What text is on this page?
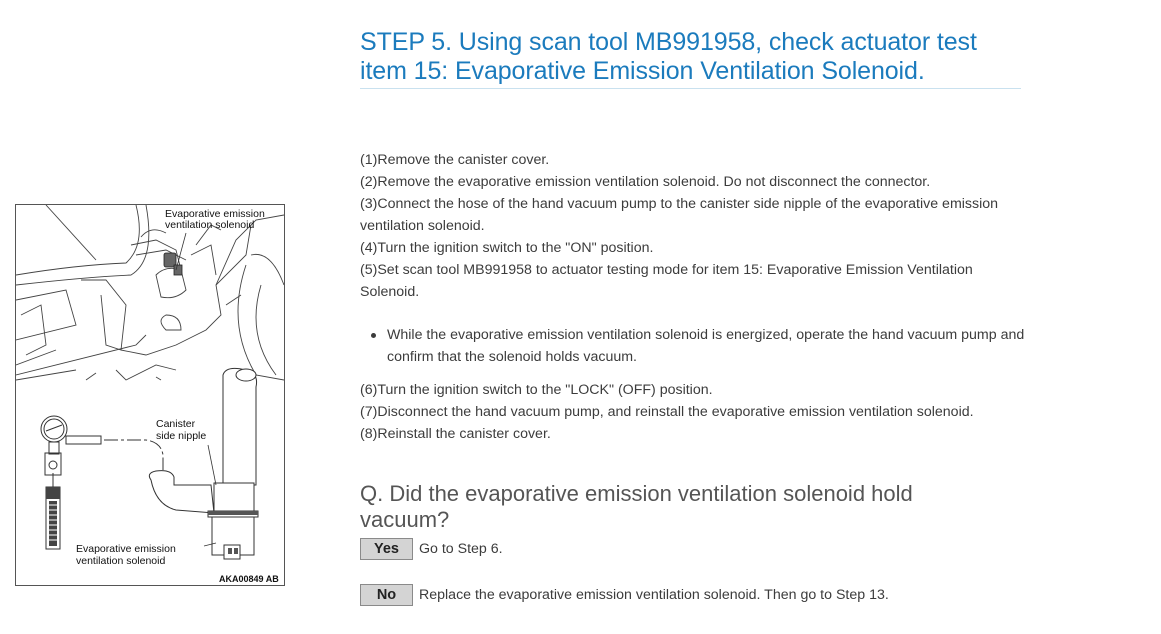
STEP 5. Using scan tool MB991958, check actuator test item 15: Evaporative Emission Ventilation Solenoid.
Evaporative emission
ventilation solenoid
Canister
side nipple
Evaporative emission
ventilation solenoid
AKA00849 AB

(1)Remove the canister cover.

(2)Remove the evaporative emission ventilation solenoid. Do not disconnect the connector.

(3)Connect the hose of the hand vacuum pump to the canister side nipple of the evaporative emission ventilation solenoid.

(4)Turn the ignition switch to the "ON" position.

(5)Set scan tool MB991958 to actuator testing mode for item 15: Evaporative Emission Ventilation Solenoid.

While the evaporative emission ventilation solenoid is energized, operate the hand vacuum pump and confirm that the solenoid holds vacuum.

(6)Turn the ignition switch to the "LOCK" (OFF) position.

(7)Disconnect the hand vacuum pump, and reinstall the evaporative emission ventilation solenoid.

(8)Reinstall the canister cover.

Q. Did the evaporative emission ventilation solenoid hold vacuum?
Yes	Go to Step 6.
No	Replace the evaporative emission ventilation solenoid. Then go to Step 13.
